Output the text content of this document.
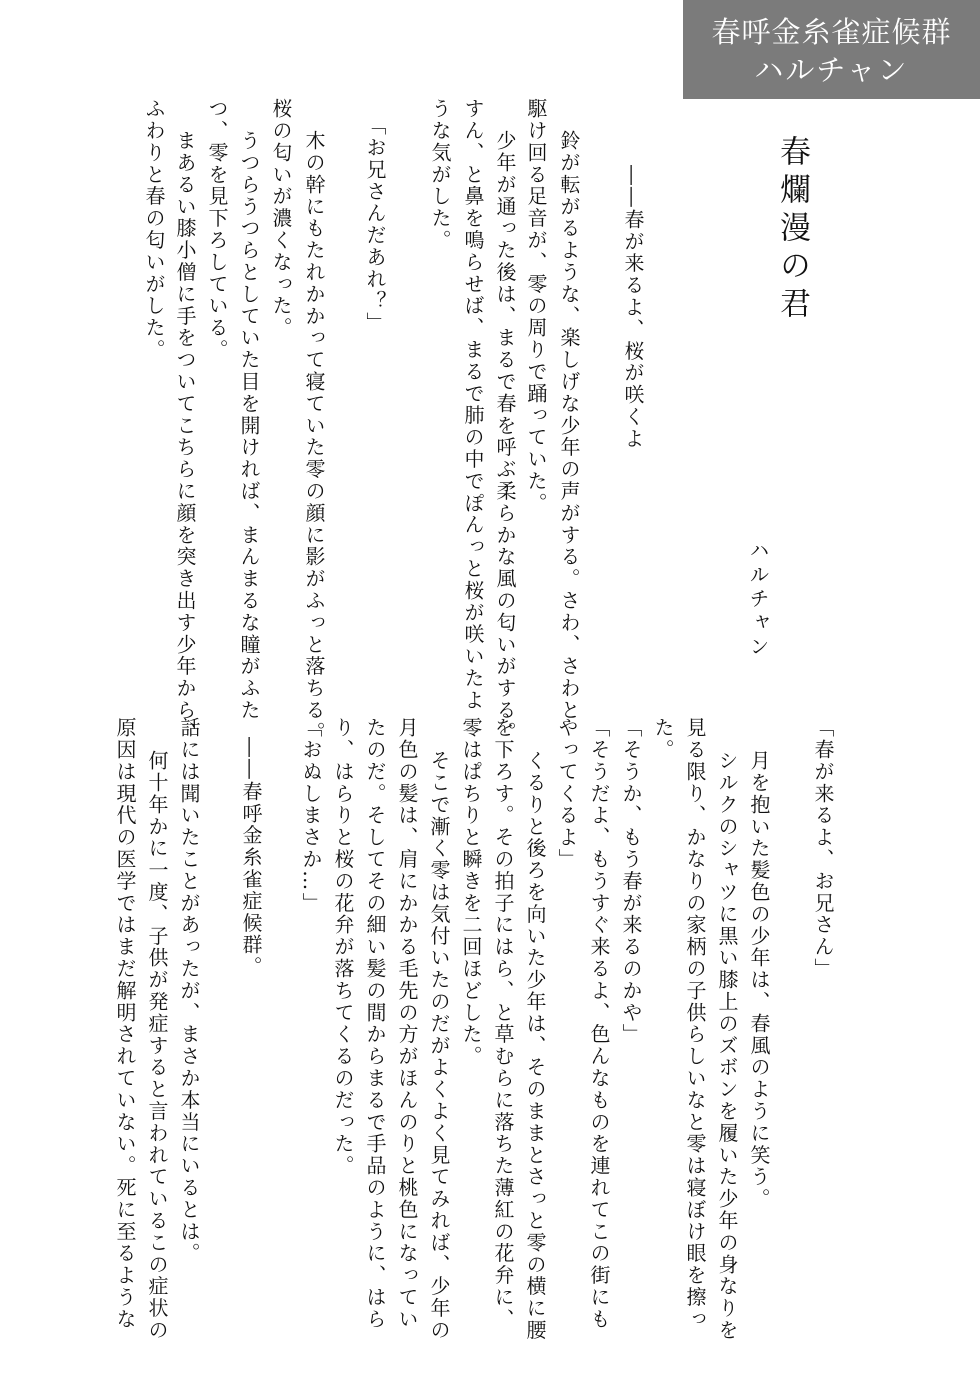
春呼金糸雀症候群
ハルチャン
春爛漫の君
ハルチャン
――春が来るよ、桜が咲くよ
鈴が転がるような、楽しげな少年の声がする。さわ、さわと
駆け回る足音が、零の周りで踊っていた。
少年が通った後は、まるで春を呼ぶ柔らかな風の匂いがする。
すん、と鼻を鳴らせば、まるで肺の中でぽんっと桜が咲いたよ
うな気がした。
「お兄さんだあれ？」
木の幹にもたれかかって寝ていた零の顔に影がふっと落ちる。
桜の匂いが濃くなった。
うつらうつらとしていた目を開ければ、まんまるな瞳がふた
つ、零を見下ろしている。
まあるい膝小僧に手をついてこちらに顔を突き出す少年から、
ふわりと春の匂いがした。
「春が来るよ、お兄さん」
月を抱いた髪色の少年は、春風のように笑う。
シルクのシャツに黒い膝上のズボンを履いた少年の身なりを
見る限り、かなりの家柄の子供らしいなと零は寝ぼけ眼を擦っ
た。
「そうか、もう春が来るのかや」
「そうだよ、もうすぐ来るよ、色んなものを連れてこの街にも
やってくるよ」
くるりと後ろを向いた少年は、そのままとさっと零の横に腰
を下ろす。その拍子にはら、と草むらに落ちた薄紅の花弁に、
零はぱちりと瞬きを二回ほどした。
そこで漸く零は気付いたのだがよくよく見てみれば、少年の
月色の髪は、肩にかかる毛先の方がほんのりと桃色になってい
たのだ。そしてその細い髪の間からまるで手品のように、はら
り、はらりと桜の花弁が落ちてくるのだった。
「おぬしまさか…」
――春呼金糸雀症候群。
話には聞いたことがあったが、まさか本当にいるとは。
何十年かに一度、子供が発症すると言われているこの症状の
原因は現代の医学ではまだ解明されていない。死に至るような
